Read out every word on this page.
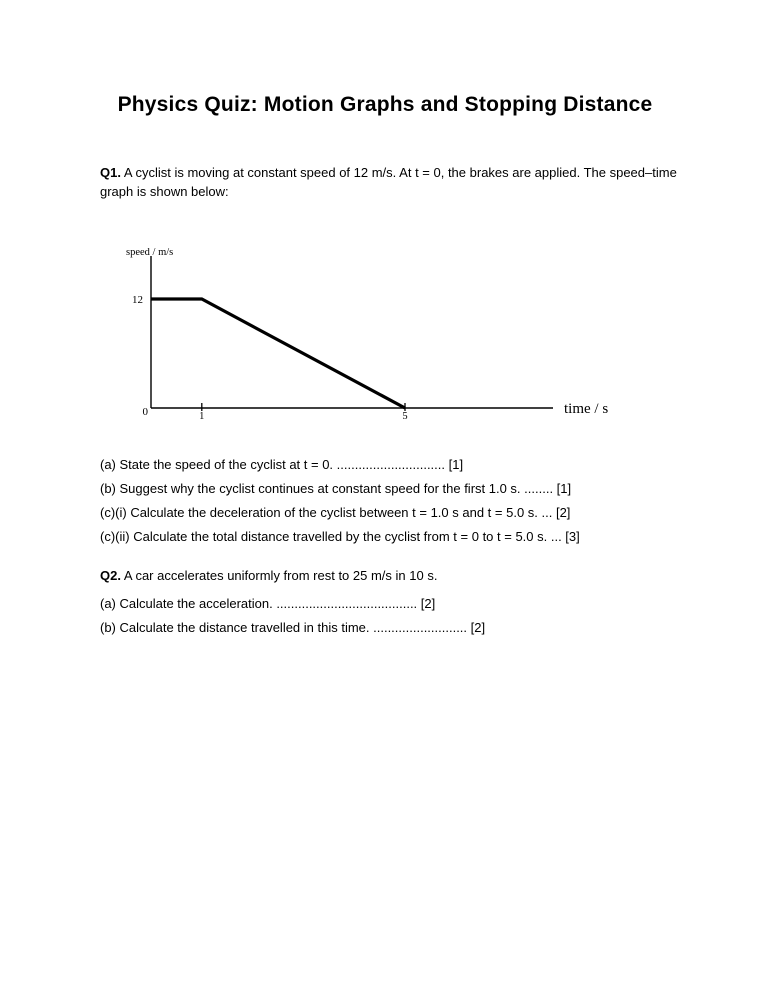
Physics Quiz: Motion Graphs and Stopping Distance
Q1. A cyclist is moving at constant speed of 12 m/s. At t = 0, the brakes are applied. The speed–time graph is shown below:
1	5
speed / m/s
time / s
0
12
(a) State the speed of the cyclist at t = 0. .............................. [1]
(b) Suggest why the cyclist continues at constant speed for the first 1.0 s. ........ [1]
(c)(i) Calculate the deceleration of the cyclist between t = 1.0 s and t = 5.0 s. ... [2]
(c)(ii) Calculate the total distance travelled by the cyclist from t = 0 to t = 5.0 s. ... [3]
Q2. A car accelerates uniformly from rest to 25 m/s in 10 s.
(a) Calculate the acceleration. ....................................... [2]
(b) Calculate the distance travelled in this time. .......................... [2]
